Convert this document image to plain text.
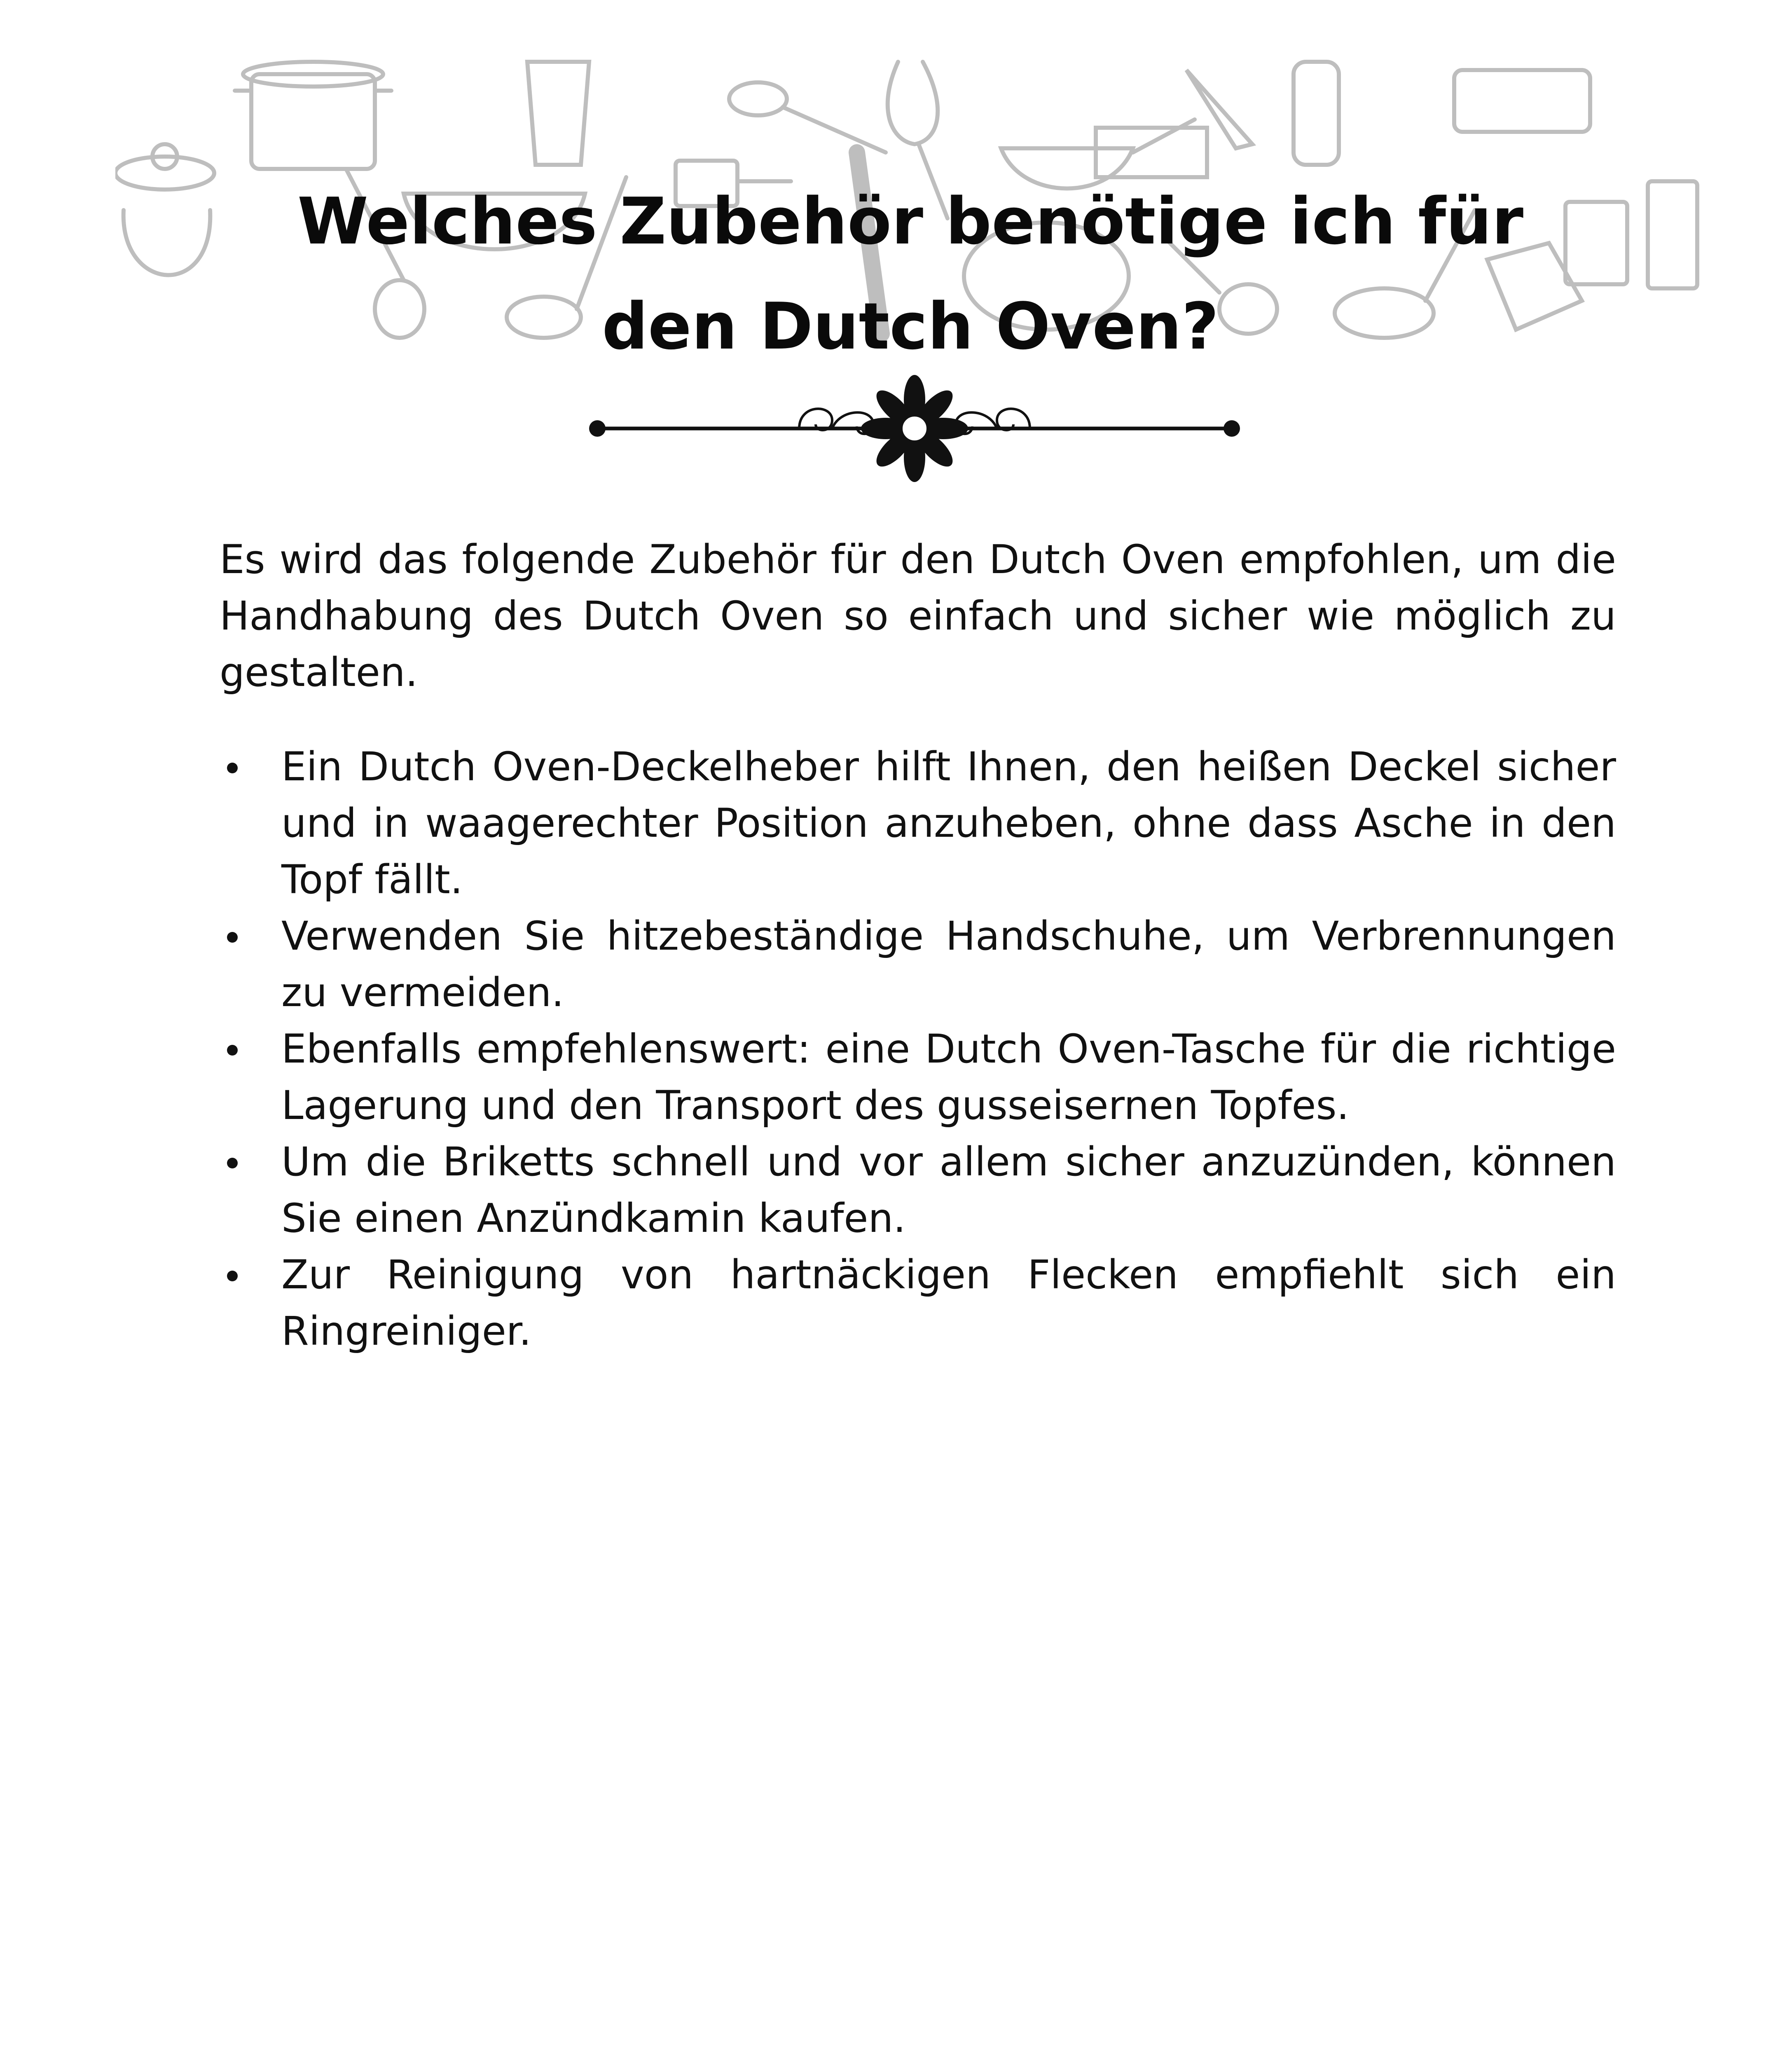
Welches Zubehör benötige ich für den Dutch Oven?

Es wird das folgende Zubehör für den Dutch Oven empfohlen, um die Handhabung des Dutch Oven so einfach und sicher wie möglich zu gestalten.

Ein Dutch Oven-Deckelheber hilft Ihnen, den heißen Deckel sicher und in waagerechter Position anzuheben, ohne dass Asche in den Topf fällt.
Verwenden Sie hitzebeständige Handschuhe, um Verbrennungen zu vermeiden.
Ebenfalls empfehlenswert: eine Dutch Oven-Tasche für die richtige Lagerung und den Transport des gusseisernen Topfes.
Um die Briketts schnell und vor allem sicher anzuzünden, können Sie einen Anzündkamin kaufen.
Zur Reinigung von hartnäckigen Flecken empfiehlt sich ein Ringreiniger.
